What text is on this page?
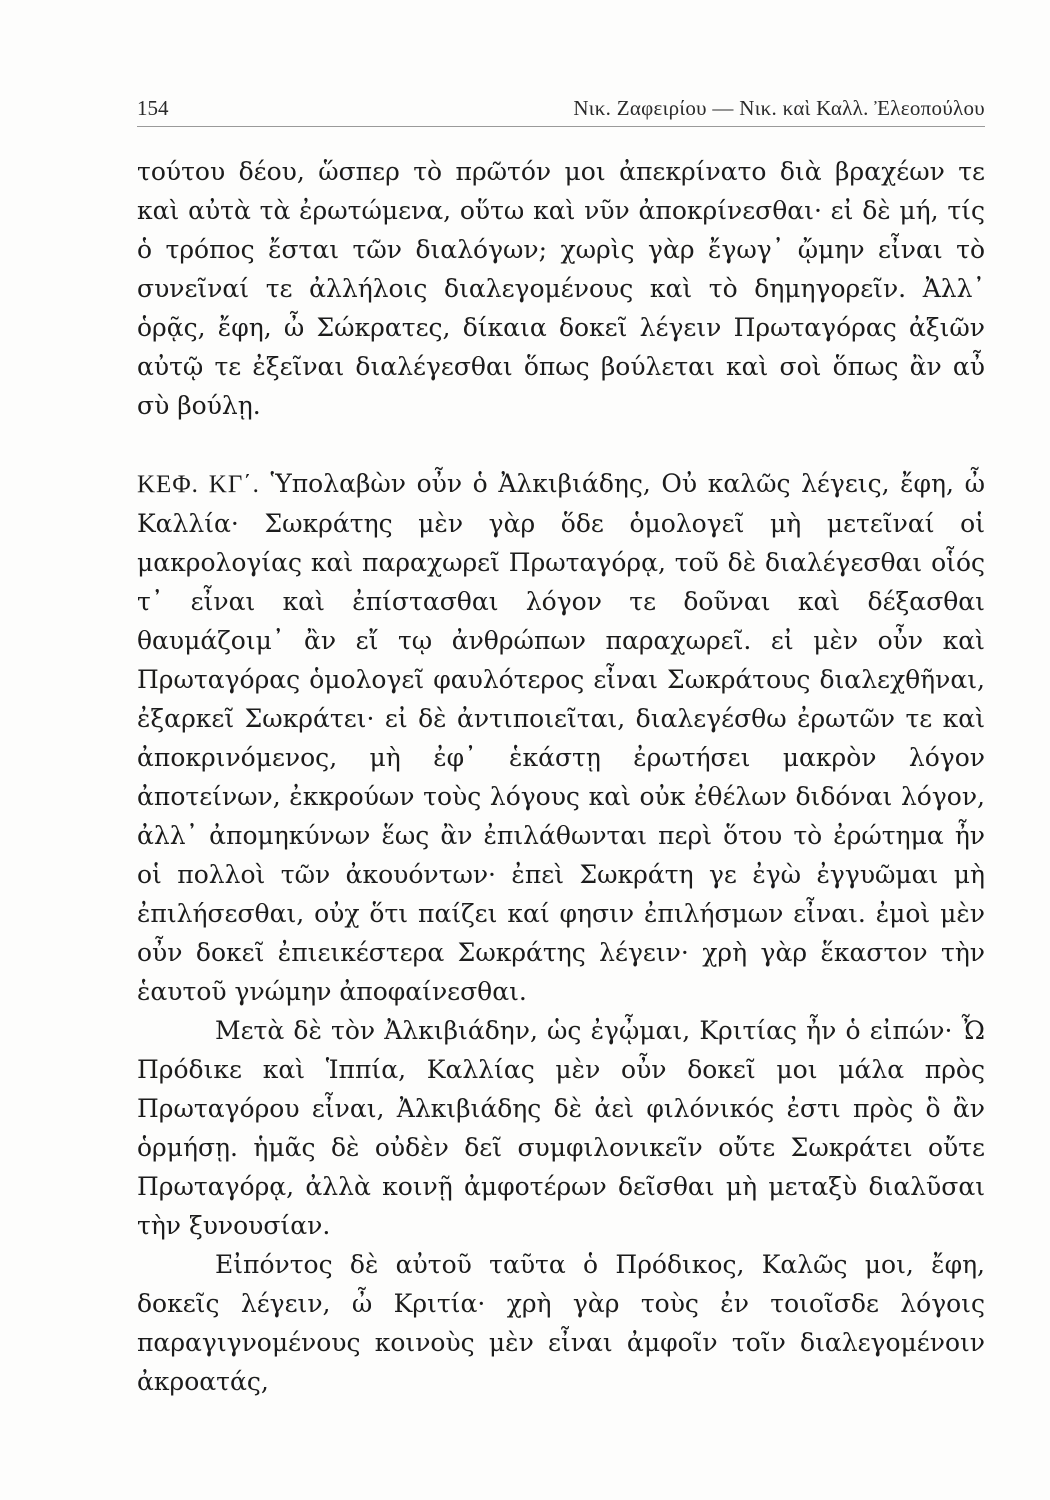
154	Νικ. Ζαφειρίου — Νικ. καὶ Καλλ. Ἐλεοπούλου

τούτου δέου, ὥσπερ τὸ πρῶτόν μοι ἀπεκρίνατο διὰ βραχέων τε καὶ αὐτὰ τὰ ἐρωτώμενα, οὕτω καὶ νῦν ἀποκρίνεσθαι· εἰ δὲ μή, τίς ὁ τρόπος ἔσται τῶν διαλόγων; χωρὶς γὰρ ἔγωγ᾽ ᾤμην εἶναι τὸ συνεῖναί τε ἀλλήλοις διαλεγομένους καὶ τὸ δημηγορεῖν. Ἀλλ᾽ ὁρᾷς, ἔφη, ὦ Σώκρατες, δίκαια δοκεῖ λέγειν Πρωταγόρας ἀξιῶν αὐτῷ τε ἐξεῖναι διαλέγεσθαι ὅπως βούλεται καὶ σοὶ ὅπως ἂν αὖ σὺ βούλῃ.

ΚΕΦ. ΚΓ΄. Ὑπολαβὼν οὖν ὁ Ἀλκιβιάδης, Οὐ καλῶς λέγεις, ἔφη, ὦ Καλλία· Σωκράτης μὲν γὰρ ὅδε ὁμολογεῖ μὴ μετεῖναί οἱ μακρολογίας καὶ παραχωρεῖ Πρωταγόρᾳ, τοῦ δὲ διαλέγεσθαι οἷός τ᾽ εἶναι καὶ ἐπίστασθαι λόγον τε δοῦναι καὶ δέξασθαι θαυμάζοιμ᾽ ἂν εἴ τῳ ἀνθρώπων παραχωρεῖ. εἰ μὲν οὖν καὶ Πρωταγόρας ὁμολογεῖ φαυλότερος εἶναι Σωκράτους διαλεχθῆναι, ἐξαρκεῖ Σωκράτει· εἰ δὲ ἀντιποιεῖται, διαλεγέσθω ἐρωτῶν τε καὶ ἀποκρινόμενος, μὴ ἐφ᾽ ἑκάστῃ ἐρωτήσει μακρὸν λόγον ἀποτείνων, ἐκκρούων τοὺς λόγους καὶ οὐκ ἐθέλων διδόναι λόγον, ἀλλ᾽ ἀπομηκύνων ἕως ἂν ἐπιλάθωνται περὶ ὅτου τὸ ἐρώτημα ἦν οἱ πολλοὶ τῶν ἀκουόντων· ἐπεὶ Σωκράτη γε ἐγὼ ἐγγυῶμαι μὴ ἐπιλήσεσθαι, οὐχ ὅτι παίζει καί φησιν ἐπιλήσμων εἶναι. ἐμοὶ μὲν οὖν δοκεῖ ἐπιεικέστερα Σωκράτης λέγειν· χρὴ γὰρ ἕκαστον τὴν ἑαυτοῦ γνώμην ἀποφαίνεσθαι.

Μετὰ δὲ τὸν Ἀλκιβιάδην, ὡς ἐγᾦμαι, Κριτίας ἦν ὁ εἰπών· Ὦ Πρόδικε καὶ Ἱππία, Καλλίας μὲν οὖν δοκεῖ μοι μάλα πρὸς Πρωταγόρου εἶναι, Ἀλκιβιάδης δὲ ἀεὶ φιλόνικός ἐστι πρὸς ὃ ἂν ὁρμήσῃ. ἡμᾶς δὲ οὐδὲν δεῖ συμφιλονικεῖν οὔτε Σωκράτει οὔτε Πρωταγόρᾳ, ἀλλὰ κοινῇ ἀμφοτέρων δεῖσθαι μὴ μεταξὺ διαλῦσαι τὴν ξυνουσίαν.

Εἰπόντος δὲ αὐτοῦ ταῦτα ὁ Πρόδικος, Καλῶς μοι, ἔφη, δοκεῖς λέγειν, ὦ Κριτία· χρὴ γὰρ τοὺς ἐν τοιοῖσδε λόγοις παραγιγνομένους κοινοὺς μὲν εἶναι ἀμφοῖν τοῖν διαλεγομένοιν ἀκροατάς,
